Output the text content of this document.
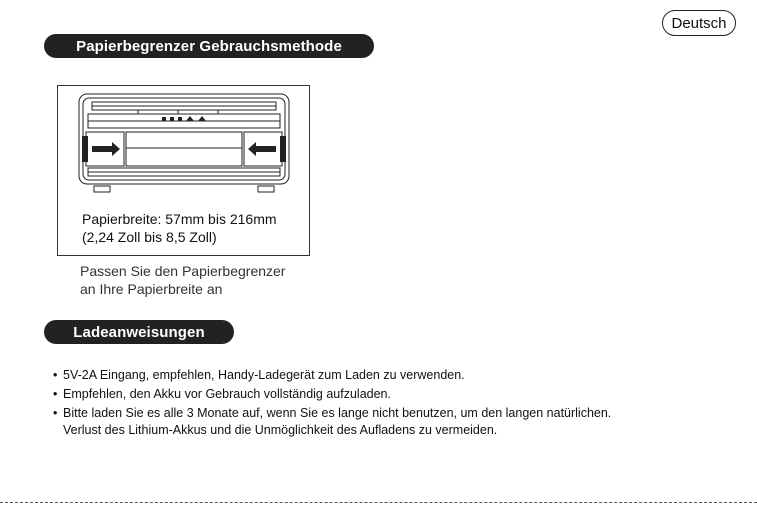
Deutsch
Papierbegrenzer Gebrauchsmethode
Papierbreite: 57mm bis 216mm
(2,24 Zoll bis 8,5 Zoll)
Passen Sie den Papierbegrenzer
an Ihre Papierbreite an
Ladeanweisungen
• 5V-2A Eingang, empfehlen, Handy-Ladegerät zum Laden zu verwenden.
• Empfehlen, den Akku vor Gebrauch vollständig aufzuladen.
• Bitte laden Sie es alle 3 Monate auf, wenn Sie es lange nicht benutzen, um den langen natürlichen.
Verlust des Lithium-Akkus und die Unmöglichkeit des Aufladens zu vermeiden.
